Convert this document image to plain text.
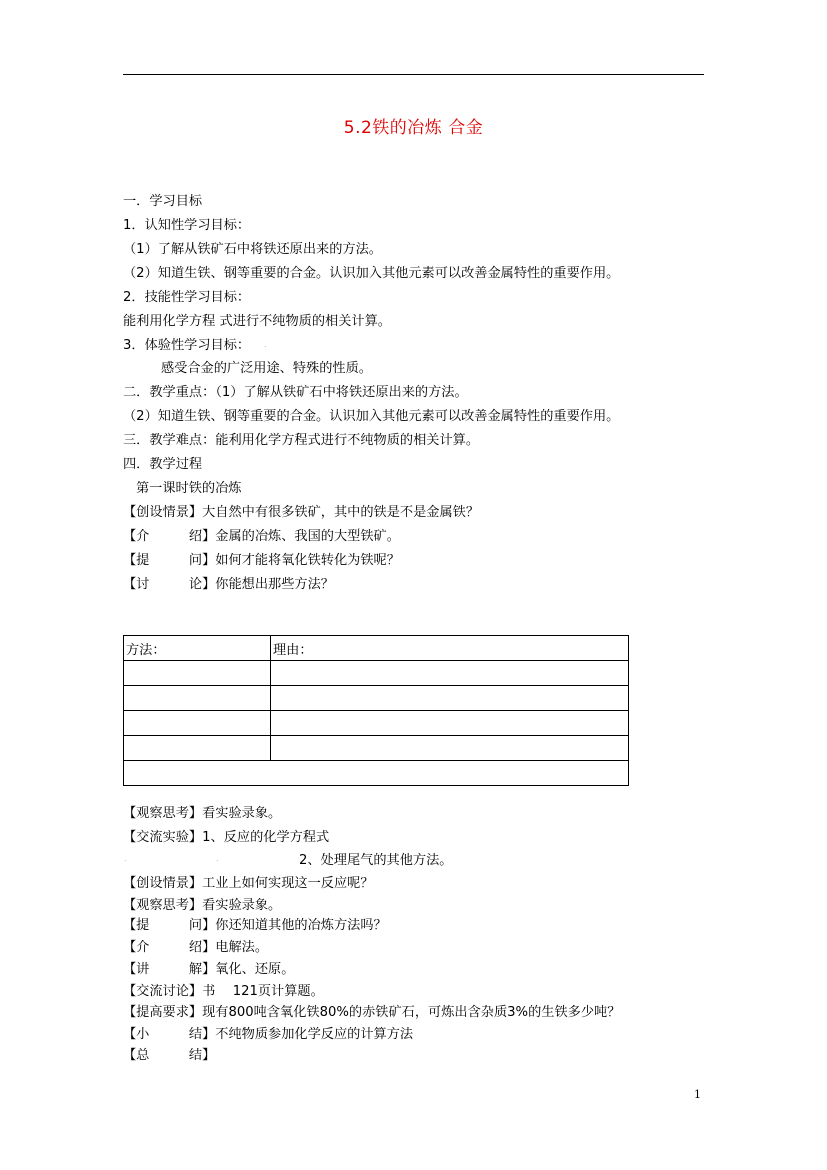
5.2铁的冶炼 合金
一．学习目标
1．认知性学习目标：
（1）了解从铁矿石中将铁还原出来的方法。
（2）知道生铁、钢等重要的合金。认识加入其他元素可以改善金属特性的重要作用。
2．技能性学习目标：
能利用化学方程 式进行不纯物质的相关计算。
3．体验性学习目标： .
感受合金的广泛用途、特殊的性质。
二．教学重点：（1）了解从铁矿石中将铁还原出来的方法。
（2）知道生铁、钢等重要的合金。认识加入其他元素可以改善金属特性的重要作用。
三．教学难点：能利用化学方程式进行不纯物质的相关计算。
四．教学过程
第一课时铁的冶炼
【创设情景】大自然中有很多铁矿，其中的铁是不是金属铁？
【介　　　绍】金属的冶炼、我国的大型铁矿。
【提　　　问】如何才能将氧化铁转化为铁呢？
【讨　　　论】你能想出那些方法？
方法：	理由：

【观察思考】看实验录象。
【交流实验】1、反应的化学方程式
.	.	2、处理尾气的其他方法。
【创设情景】工业上如何实现这一反应呢？
【观察思考】看实验录象。
【提　　　问】你还知道其他的冶炼方法吗？
【介　　　绍】电解法。
【讲　　　解】氧化、还原。
【交流讨论】书　 121页计算题。
【提高要求】现有800吨含氧化铁80%的赤铁矿石，可炼出含杂质3%的生铁多少吨？
【小　　　结】不纯物质参加化学反应的计算方法
【总　　　结】
1
